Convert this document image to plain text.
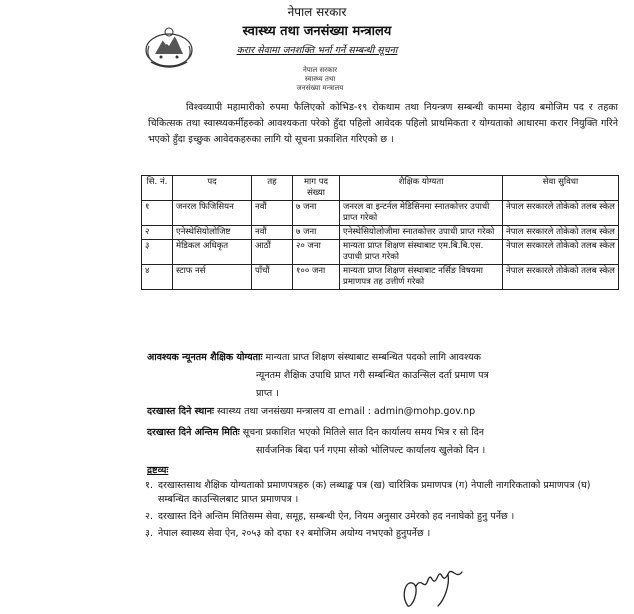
नेपाल सरकार
स्वास्थ्य तथा
जनसंख्या मन्त्रालय
नेपाल सरकार
स्वास्थ्य तथा जनसंख्या मन्त्रालय
करार सेवामा जनशक्ति भर्ना गर्ने सम्बन्धी सूचना

विश्वव्यापी महामारीको रुपमा फैलिएको कोभिड-१९ रोकथाम तथा नियन्त्रण सम्बन्धी काममा देहाय बमोजिम पद र तहका चिकित्सक तथा स्वास्थ्यकर्मीहरुको आवश्यकता परेको हुँदा पहिलो आवेदक पहिलो प्राथमिकता र योग्यताको आधारमा करार नियुक्ति गरिने भएको हुँदा इच्छुक आवेदकहरुका लागि यो सूचना प्रकाशित गरिएको छ ।

सि. नं.	पद	तह	माग पद संख्या	शैक्षिक योग्यता	सेवा सुविधा
१	जनरल फिजिसियन	नवौं	७ जना	जनरल वा इन्टर्नल मेडिसिनमा स्नातकोत्तर उपाधी प्राप्त गरेको	नेपाल सरकारले तोकेको तलब स्केल
२	एनेस्थेसियोलोजिष्ट	नवौं	७ जना	एनेस्थेसियोलोजीमा स्नातकोत्तर उपाधी प्राप्त गरेको	नेपाल सरकारले तोकेको तलब स्केल
३	मेडिकल अधिकृत	आठौं	२० जना	मान्यता प्राप्त शिक्षण संस्थाबाट एम.बि.बि.एस. उपाधी प्राप्त गरेको	नेपाल सरकारले तोकेको तलब स्केल
४	स्टाफ नर्स	पाँचौं	१०० जना	मान्यता प्राप्त शिक्षण संस्थाबाट नर्सिङ विषयमा प्रमाणपत्र तह उत्तीर्ण गरेको	नेपाल सरकारले तोकेको तलब स्केल
आवश्यक न्यूनतम शैक्षिक योग्यताः मान्यता प्राप्त शिक्षण संस्थाबाट सम्बन्धित पदको लागि आवश्यक
न्यूनतम शैक्षिक उपाधि प्राप्त गरी सम्बन्धित काउन्सिल दर्ता प्रमाण पत्र
प्राप्त ।
दरखास्त दिने स्थानः स्वास्थ्य तथा जनसंख्या मन्त्रालय वा email : admin@mohp.gov.np
दरखास्त दिने अन्तिम मितिः सूचना प्रकाशित भएको मितिले सात दिन कार्यालय समय भित्र र सो दिन
सार्वजनिक बिदा पर्न गएमा सोको भोलिपल्ट कार्यालय खुलेको दिन ।
द्रष्टव्यः
१. दरखास्तसाथ शैक्षिक योग्यताको प्रमाणपत्रहरु (क) लब्धाङ्क पत्र (ख) चारित्रिक प्रमाणपत्र (ग) नेपाली नागरिकताको प्रमाणपत्र (घ) सम्बन्धित काउन्सिलबाट प्राप्त प्रमाणपत्र ।
२. दरखास्त दिने अन्तिम मितिसम्म सेवा, समूह, सम्बन्धी ऐन, नियम अनुसार उमेरको हद ननाघेको हुनु पर्नेछ ।
३. नेपाल स्वास्थ्य सेवा ऐन, २०५३ को दफा १२ बमोजिम अयोग्य नभएको हुनुपर्नेछ ।
